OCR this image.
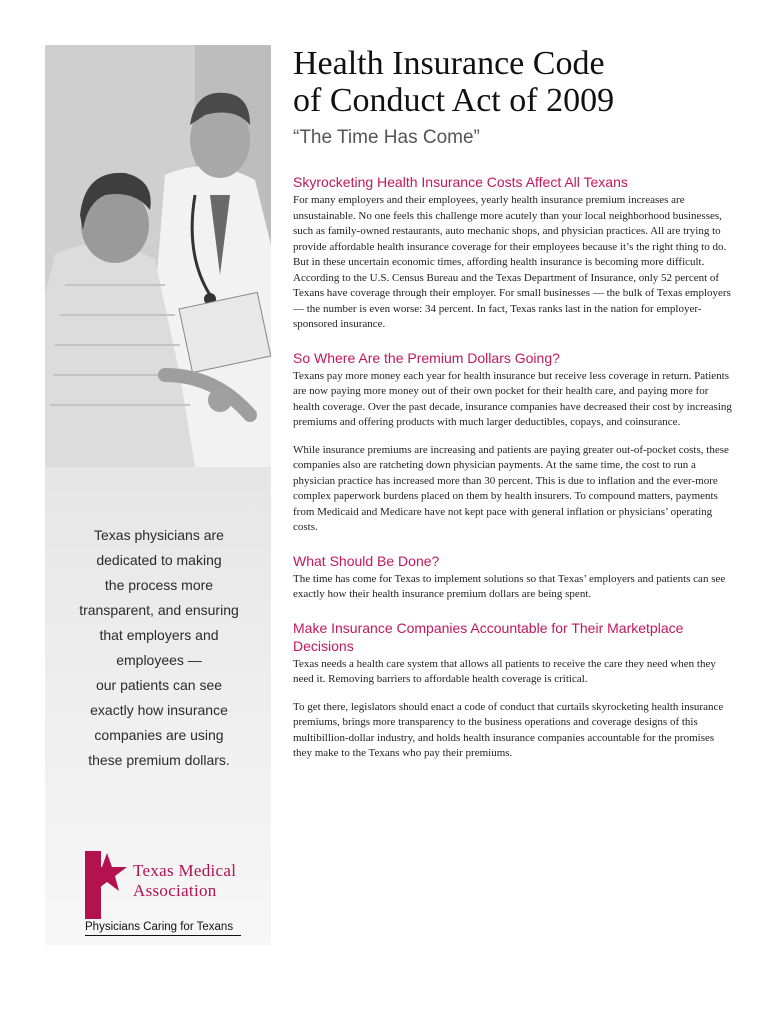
Texas physicians are
dedicated to making
the process more
transparent, and ensuring
that employers and
employees —
our patients can see
exactly how insurance
companies are using
these premium dollars.
Texas Medical
Association
Physicians Caring for Texans
Health Insurance Code
of Conduct Act of 2009
“The Time Has Come”
Skyrocketing Health Insurance Costs Affect All Texans

For many employers and their employees, yearly health insurance premium increases are unsustainable. No one feels this challenge more acutely than your local neighborhood businesses, such as family-owned restaurants, auto mechanic shops, and physician practices. All are trying to provide affordable health insurance coverage for their employees because it’s the right thing to do. But in these uncertain economic times, affording health insurance is becoming more difficult. According to the U.S. Census Bureau and the Texas Department of Insurance, only 52 percent of Texans have coverage through their employer. For small businesses — the bulk of Texas employers — the number is even worse: 34 percent. In fact, Texas ranks last in the nation for employer-sponsored insurance.

So Where Are the Premium Dollars Going?

Texans pay more money each year for health insurance but receive less coverage in return. Patients are now paying more money out of their own pocket for their health care, and paying more for health coverage. Over the past decade, insurance companies have decreased their cost by increasing premiums and offering products with much larger deductibles, copays, and coinsurance.

While insurance premiums are increasing and patients are paying greater out-of-pocket costs, these companies also are ratcheting down physician payments. At the same time, the cost to run a physician practice has increased more than 30 percent. This is due to inflation and the ever-more complex paperwork burdens placed on them by health insurers. To compound matters, payments from Medicaid and Medicare have not kept pace with general inflation or physicians’ operating costs.

What Should Be Done?

The time has come for Texas to implement solutions so that Texas’ employers and patients can see exactly how their health insurance premium dollars are being spent.

Make Insurance Companies Accountable for Their Marketplace Decisions

Texas needs a health care system that allows all patients to receive the care they need when they need it. Removing barriers to affordable health coverage is critical.

To get there, legislators should enact a code of conduct that curtails skyrocketing health insurance premiums, brings more transparency to the business operations and coverage designs of this multibillion-dollar industry, and holds health insurance companies accountable for the promises they make to the Texans who pay their premiums.
